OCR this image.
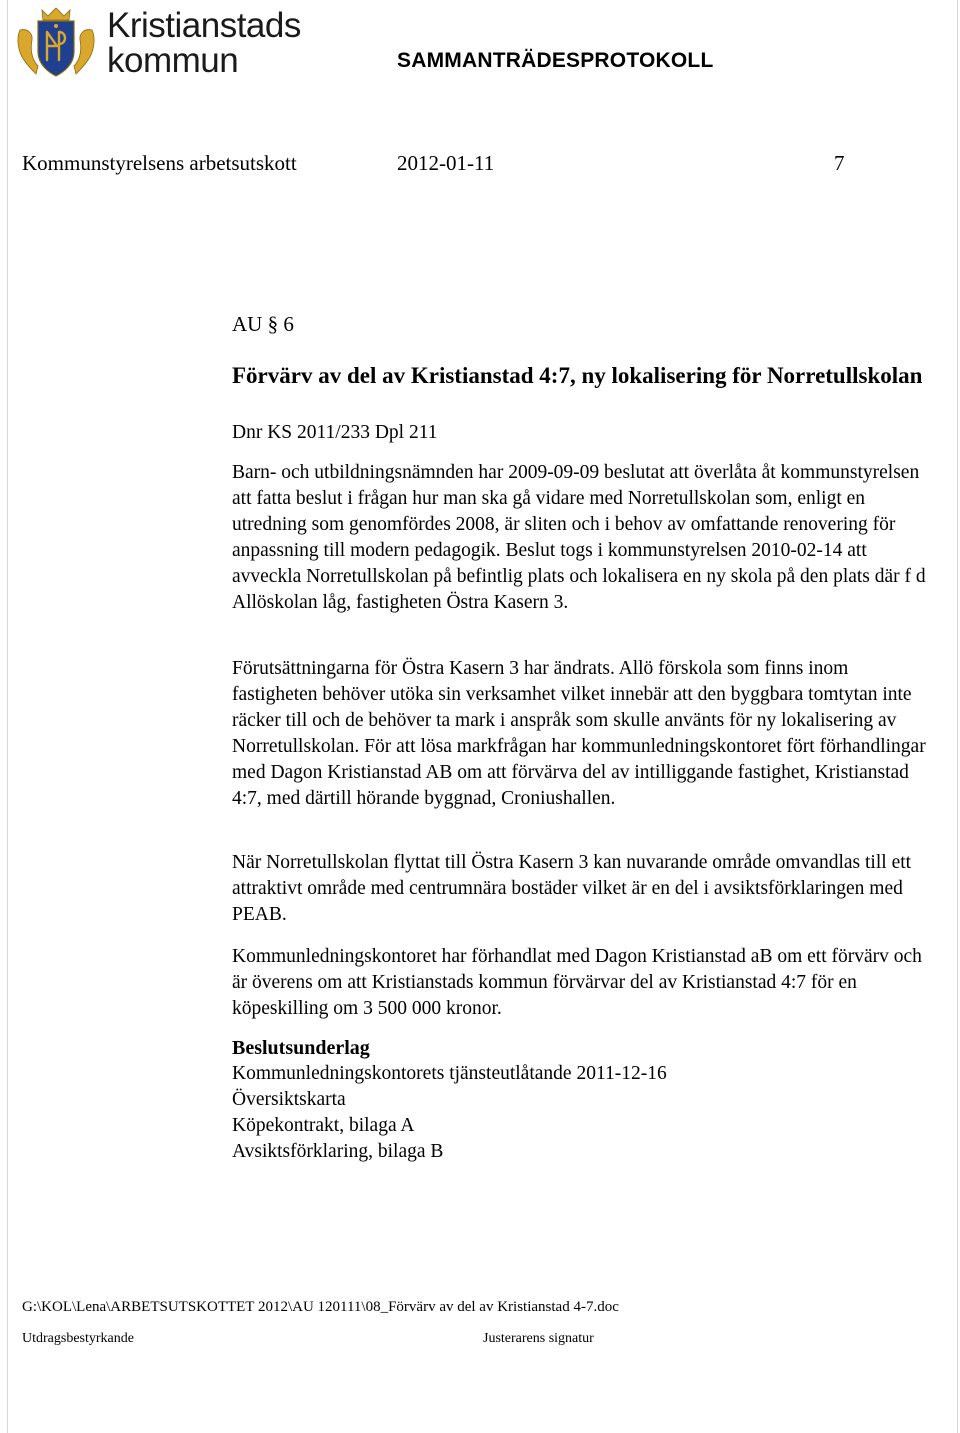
Kristianstads
kommun	SAMMANTRÄDESPROTOKOLL
Kommunstyrelsens arbetsutskott	2012-01-11	7
AU § 6
Förvärv av del av Kristianstad 4:7, ny lokalisering för Norretullskolan
Dnr KS 2011/233 Dpl 211
Barn- och utbildningsnämnden har 2009-09-09 beslutat att överlåta åt kommunstyrelsen att fatta beslut i frågan hur man ska gå vidare med Norretullskolan som, enligt en utredning som genomfördes 2008, är sliten och i behov av omfattande renovering för anpassning till modern pedagogik. Beslut togs i kommunstyrelsen 2010-02-14 att avveckla Norretullskolan på befintlig plats och lokalisera en ny skola på den plats där f d Allöskolan låg, fastigheten Östra Kasern 3.
Förutsättningarna för Östra Kasern 3 har ändrats. Allö förskola som finns inom fastigheten behöver utöka sin verksamhet vilket innebär att den byggbara tomtytan inte räcker till och de behöver ta mark i anspråk som skulle använts för ny lokalisering av Norretullskolan. För att lösa markfrågan har kommunledningskontoret fört förhandlingar med Dagon Kristianstad AB om att förvärva del av intilliggande fastighet, Kristianstad 4:7, med därtill hörande byggnad, Croniushallen.
När Norretullskolan flyttat till Östra Kasern 3 kan nuvarande område omvandlas till ett attraktivt område med centrumnära bostäder vilket är en del i avsiktsförklaringen med PEAB.
Kommunledningskontoret har förhandlat med Dagon Kristianstad aB om ett förvärv och är överens om att Kristianstads kommun förvärvar del av Kristianstad 4:7 för en köpeskilling om 3 500 000 kronor.
Beslutsunderlag
Kommunledningskontorets tjänsteutlåtande 2011-12-16
Översiktskarta
Köpekontrakt, bilaga A
Avsiktsförklaring, bilaga B
G:\KOL\Lena\ARBETSUTSKOTTET 2012\AU 120111\08_Förvärv av del av Kristianstad 4-7.doc
Utdragsbestyrkande	Justerarens signatur
